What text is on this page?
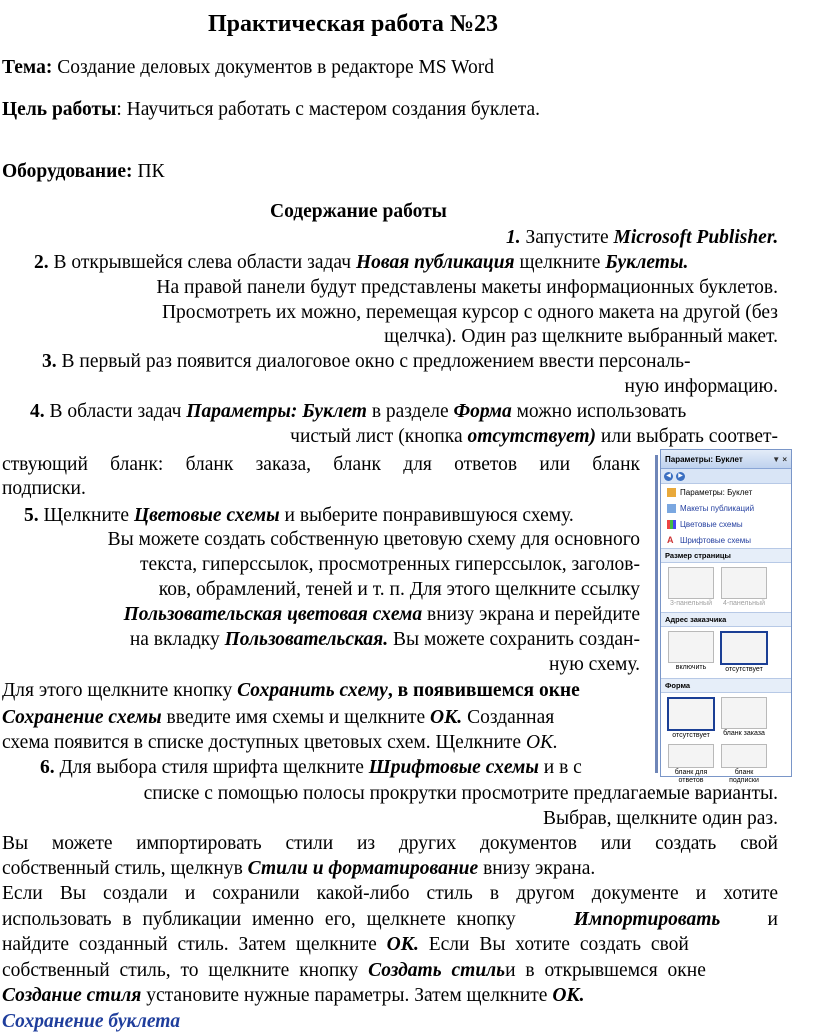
Практическая работа №23
Тема: Создание деловых документов в редакторе MS Word
Цель работы: Научиться работать с мастером создания буклета.
Оборудование: ПК
Содержание работы
1. Запустите Microsoft Publisher.
2. В открывшейся слева области задач Новая публикация щелкните Буклеты.
На правой панели будут представлены макеты информационных буклетов.
Просмотреть их можно, перемещая курсор с одного макета на другой (без
щелчка). Один раз щелкните выбранный макет.
3. В первый раз появится диалоговое окно с предложением ввести персональ-
ную информацию.
4. В области задач Параметры: Буклет в разделе Форма можно использовать
чистый лист (кнопка отсутствует) или выбрать соответ-
ствующий бланк: бланк заказа, бланк для ответов или бланк
подписки.
5. Щелкните Цветовые схемы и выберите понравившуюся схему.
Вы можете создать собственную цветовую схему для основного
текста, гиперссылок, просмотренных гиперссылок, заголов-
ков, обрамлений, теней и т. п. Для этого щелкните ссылку
Пользовательская цветовая схема внизу экрана и перейдите
на вкладку Пользовательская. Вы можете сохранить создан-
ную схему.
Для этого щелкните кнопку Сохранить схему, в появившемся окне
Сохранение схемы введите имя схемы и щелкните ОК. Созданная
схема появится в списке доступных цветовых схем. Щелкните ОК.
6. Для выбора стиля шрифта щелкните Шрифтовые схемы и в с
списке с помощью полосы прокрутки просмотрите предлагаемые варианты.
Выбрав, щелкните один раз.
Вы можете импортировать стили из других документов или создать свой
собственный стиль, щелкнув Стили и форматирование внизу экрана.
Если Вы создали и сохранили какой-либо стиль в другом документе и хотите
использовать в публикации именно его, щелкнете кнопку Импортировать и
найдите созданный стиль. Затем щелкните ОК. Если Вы хотите создать свой
собственный стиль, то щелкните кнопку Создать стильи в открывшемся окне
Создание стиля установите нужные параметры. Затем щелкните ОК.
Сохранение буклета
Параметры: Буклет	▼ ×
◀	▶
Параметры: Буклет
Макеты публикаций
Цветовые схемы
A Шрифтовые схемы
Размер страницы
3-панельный 4-панельный
Адрес заказчика
включить	отсутствует
Форма
отсутствует бланк заказа
бланк для ответов
бланк подписки
